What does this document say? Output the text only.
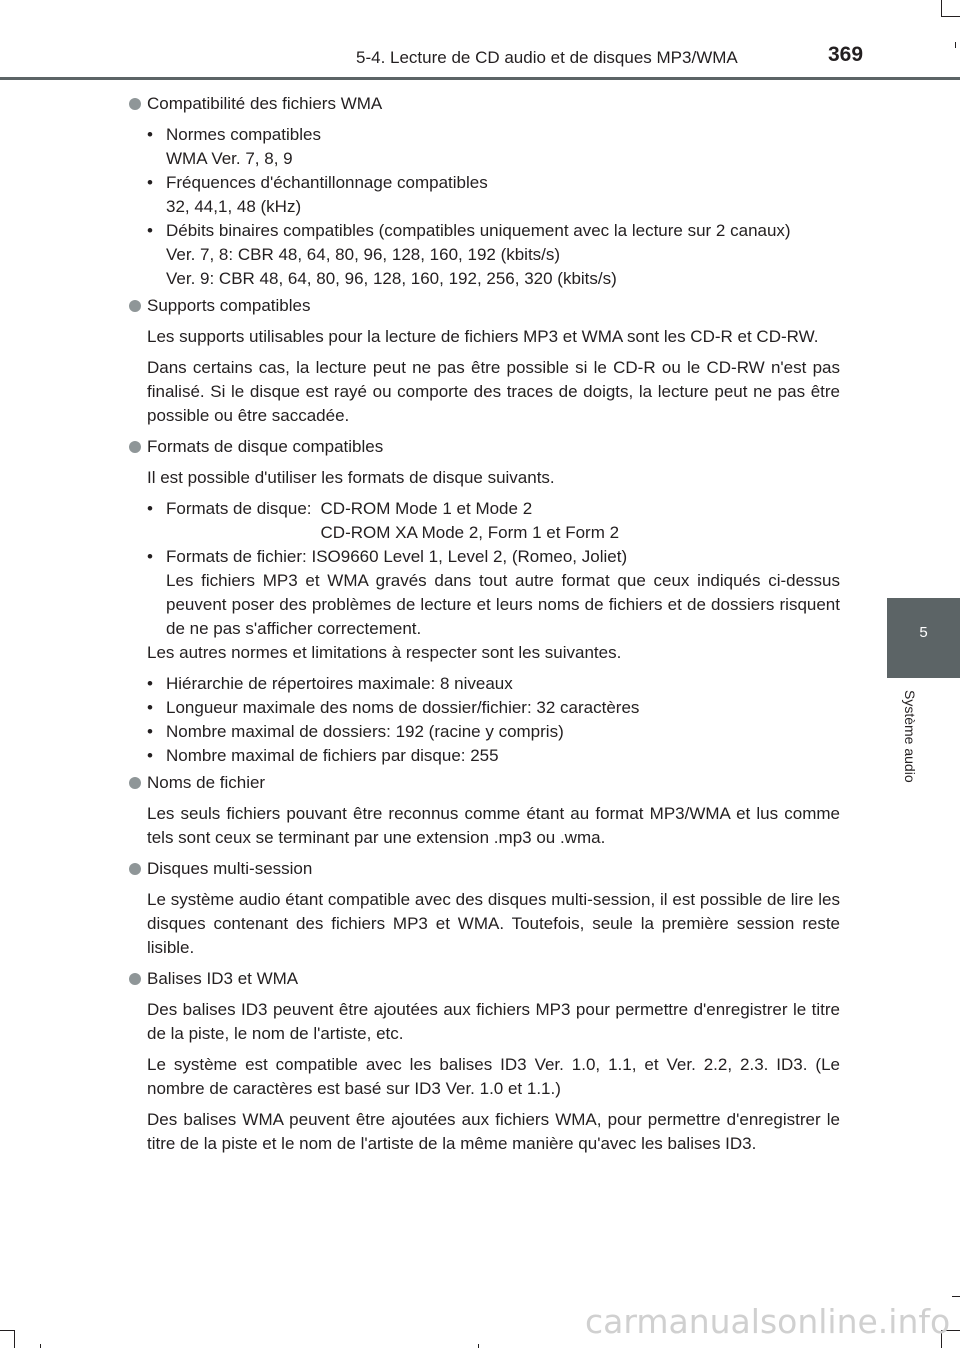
5-4. Lecture de CD audio et de disques MP3/WMA	369
5
Système audio

Compatibilité des fichiers WMA

• Normes compatibles
WMA Ver. 7, 8, 9
• Fréquences d'échantillonnage compatibles
32, 44,1, 48 (kHz)
• Débits binaires compatibles (compatibles uniquement avec la lecture sur 2 canaux)
Ver. 7, 8: CBR 48, 64, 80, 96, 128, 160, 192 (kbits/s)
Ver. 9: CBR 48, 64, 80, 96, 128, 160, 192, 256, 320 (kbits/s)

Supports compatibles

Les supports utilisables pour la lecture de fichiers MP3 et WMA sont les CD-R et CD-RW.

Dans certains cas, la lecture peut ne pas être possible si le CD-R ou le CD-RW n'est pas finalisé. Si le disque est rayé ou comporte des traces de doigts, la lecture peut ne pas être possible ou être saccadée.

Formats de disque compatibles

Il est possible d'utiliser les formats de disque suivants.

• Formats de disque: CD-ROM Mode 1 et Mode 2
CD-ROM XA Mode 2, Form 1 et Form 2
• Formats de fichier: ISO9660 Level 1, Level 2, (Romeo, Joliet)
Les fichiers MP3 et WMA gravés dans tout autre format que ceux indiqués ci-dessus peuvent poser des problèmes de lecture et leurs noms de fichiers et de dossiers risquent de ne pas s'afficher correctement.

Les autres normes et limitations à respecter sont les suivantes.

• Hiérarchie de répertoires maximale: 8 niveaux
• Longueur maximale des noms de dossier/fichier: 32 caractères
• Nombre maximal de dossiers: 192 (racine y compris)
• Nombre maximal de fichiers par disque: 255

Noms de fichier

Les seuls fichiers pouvant être reconnus comme étant au format MP3/WMA et lus comme tels sont ceux se terminant par une extension .mp3 ou .wma.

Disques multi-session

Le système audio étant compatible avec des disques multi-session, il est possible de lire les disques contenant des fichiers MP3 et WMA. Toutefois, seule la première session reste lisible.

Balises ID3 et WMA

Des balises ID3 peuvent être ajoutées aux fichiers MP3 pour permettre d'enregistrer le titre de la piste, le nom de l'artiste, etc.

Le système est compatible avec les balises ID3 Ver. 1.0, 1.1, et Ver. 2.2, 2.3. ID3. (Le nombre de caractères est basé sur ID3 Ver. 1.0 et 1.1.)

Des balises WMA peuvent être ajoutées aux fichiers WMA, pour permettre d'enregistrer le titre de la piste et le nom de l'artiste de la même manière qu'avec les balises ID3.

carmanualsonline.info
